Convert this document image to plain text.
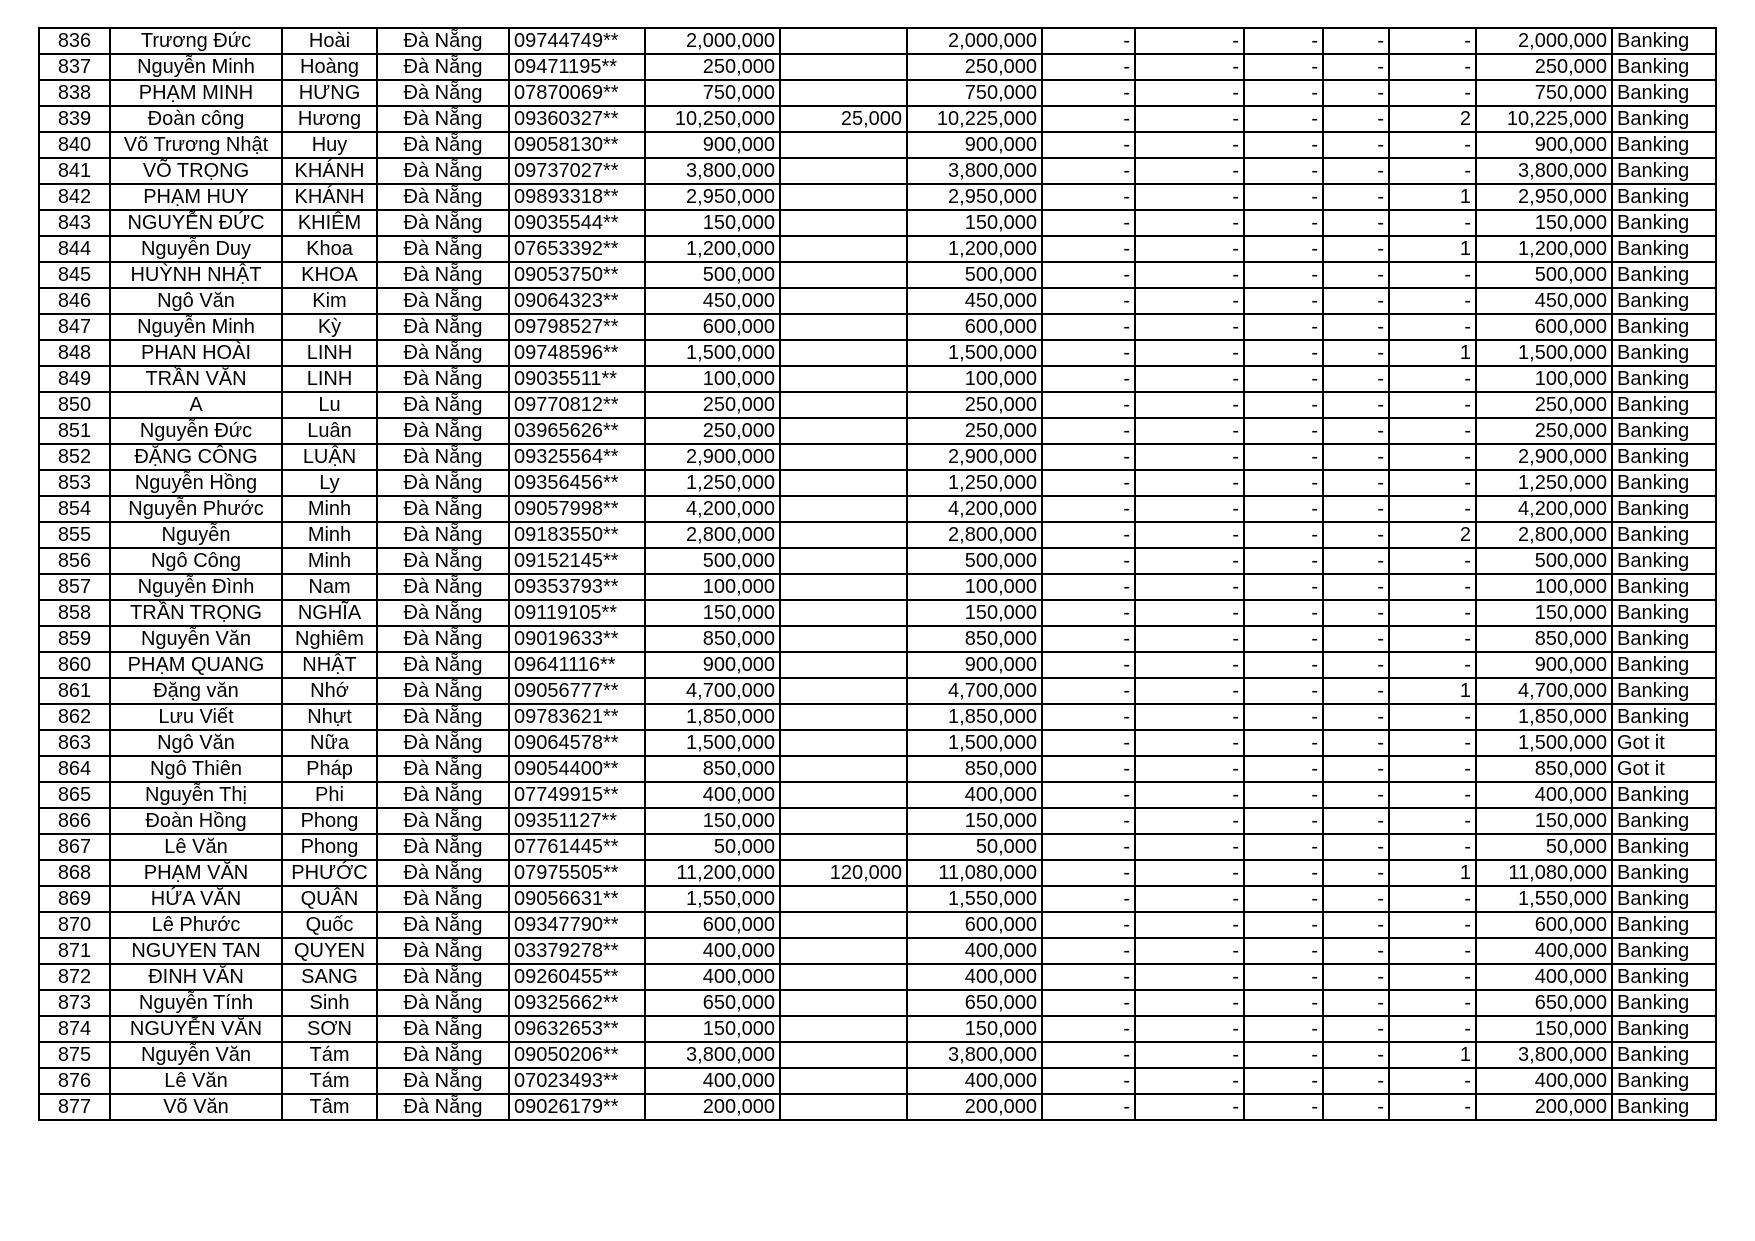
836	Trương Đức	Hoài	Đà Nẵng	09744749**	2,000,000		2,000,000	-	-	-	-	-	2,000,000	Banking
837	Nguyễn Minh	Hoàng	Đà Nẵng	09471195**	250,000		250,000	-	-	-	-	-	250,000	Banking
838	PHẠM MINH	HƯNG	Đà Nẵng	07870069**	750,000		750,000	-	-	-	-	-	750,000	Banking
839	Đoàn công	Hương	Đà Nẵng	09360327**	10,250,000	25,000	10,225,000	-	-	-	-	2	10,225,000	Banking
840	Võ Trương Nhật	Huy	Đà Nẵng	09058130**	900,000		900,000	-	-	-	-	-	900,000	Banking
841	VÕ TRỌNG	KHÁNH	Đà Nẵng	09737027**	3,800,000		3,800,000	-	-	-	-	-	3,800,000	Banking
842	PHẠM HUY	KHÁNH	Đà Nẵng	09893318**	2,950,000		2,950,000	-	-	-	-	1	2,950,000	Banking
843	NGUYỄN ĐỨC	KHIÊM	Đà Nẵng	09035544**	150,000		150,000	-	-	-	-	-	150,000	Banking
844	Nguyễn Duy	Khoa	Đà Nẵng	07653392**	1,200,000		1,200,000	-	-	-	-	1	1,200,000	Banking
845	HUỲNH NHẬT	KHOA	Đà Nẵng	09053750**	500,000		500,000	-	-	-	-	-	500,000	Banking
846	Ngô Văn	Kim	Đà Nẵng	09064323**	450,000		450,000	-	-	-	-	-	450,000	Banking
847	Nguyễn Minh	Kỳ	Đà Nẵng	09798527**	600,000		600,000	-	-	-	-	-	600,000	Banking
848	PHAN HOÀI	LINH	Đà Nẵng	09748596**	1,500,000		1,500,000	-	-	-	-	1	1,500,000	Banking
849	TRẦN VĂN	LINH	Đà Nẵng	09035511**	100,000		100,000	-	-	-	-	-	100,000	Banking
850	A	Lu	Đà Nẵng	09770812**	250,000		250,000	-	-	-	-	-	250,000	Banking
851	Nguyễn Đức	Luân	Đà Nẵng	03965626**	250,000		250,000	-	-	-	-	-	250,000	Banking
852	ĐẶNG CÔNG	LUẬN	Đà Nẵng	09325564**	2,900,000		2,900,000	-	-	-	-	-	2,900,000	Banking
853	Nguyễn Hồng	Ly	Đà Nẵng	09356456**	1,250,000		1,250,000	-	-	-	-	-	1,250,000	Banking
854	Nguyễn Phước	Minh	Đà Nẵng	09057998**	4,200,000		4,200,000	-	-	-	-	-	4,200,000	Banking
855	Nguyễn	Minh	Đà Nẵng	09183550**	2,800,000		2,800,000	-	-	-	-	2	2,800,000	Banking
856	Ngô Công	Minh	Đà Nẵng	09152145**	500,000		500,000	-	-	-	-	-	500,000	Banking
857	Nguyễn Đình	Nam	Đà Nẵng	09353793**	100,000		100,000	-	-	-	-	-	100,000	Banking
858	TRẦN TRỌNG	NGHĨA	Đà Nẵng	09119105**	150,000		150,000	-	-	-	-	-	150,000	Banking
859	Nguyễn Văn	Nghiêm	Đà Nẵng	09019633**	850,000		850,000	-	-	-	-	-	850,000	Banking
860	PHẠM QUANG	NHẬT	Đà Nẵng	09641116**	900,000		900,000	-	-	-	-	-	900,000	Banking
861	Đặng văn	Nhớ	Đà Nẵng	09056777**	4,700,000		4,700,000	-	-	-	-	1	4,700,000	Banking
862	Lưu Viết	Nhựt	Đà Nẵng	09783621**	1,850,000		1,850,000	-	-	-	-	-	1,850,000	Banking
863	Ngô Văn	Nữa	Đà Nẵng	09064578**	1,500,000		1,500,000	-	-	-	-	-	1,500,000	Got it
864	Ngô Thiên	Pháp	Đà Nẵng	09054400**	850,000		850,000	-	-	-	-	-	850,000	Got it
865	Nguyễn Thị	Phi	Đà Nẵng	07749915**	400,000		400,000	-	-	-	-	-	400,000	Banking
866	Đoàn Hồng	Phong	Đà Nẵng	09351127**	150,000		150,000	-	-	-	-	-	150,000	Banking
867	Lê Văn	Phong	Đà Nẵng	07761445**	50,000		50,000	-	-	-	-	-	50,000	Banking
868	PHẠM VĂN	PHƯỚC	Đà Nẵng	07975505**	11,200,000	120,000	11,080,000	-	-	-	-	1	11,080,000	Banking
869	HỨA VĂN	QUÂN	Đà Nẵng	09056631**	1,550,000		1,550,000	-	-	-	-	-	1,550,000	Banking
870	Lê Phước	Quốc	Đà Nẵng	09347790**	600,000		600,000	-	-	-	-	-	600,000	Banking
871	NGUYEN TAN	QUYEN	Đà Nẵng	03379278**	400,000		400,000	-	-	-	-	-	400,000	Banking
872	ĐINH VĂN	SANG	Đà Nẵng	09260455**	400,000		400,000	-	-	-	-	-	400,000	Banking
873	Nguyễn Tính	Sinh	Đà Nẵng	09325662**	650,000		650,000	-	-	-	-	-	650,000	Banking
874	NGUYỄN VĂN	SƠN	Đà Nẵng	09632653**	150,000		150,000	-	-	-	-	-	150,000	Banking
875	Nguyễn Văn	Tám	Đà Nẵng	09050206**	3,800,000		3,800,000	-	-	-	-	1	3,800,000	Banking
876	Lê Văn	Tám	Đà Nẵng	07023493**	400,000		400,000	-	-	-	-	-	400,000	Banking
877	Võ Văn	Tâm	Đà Nẵng	09026179**	200,000		200,000	-	-	-	-	-	200,000	Banking
